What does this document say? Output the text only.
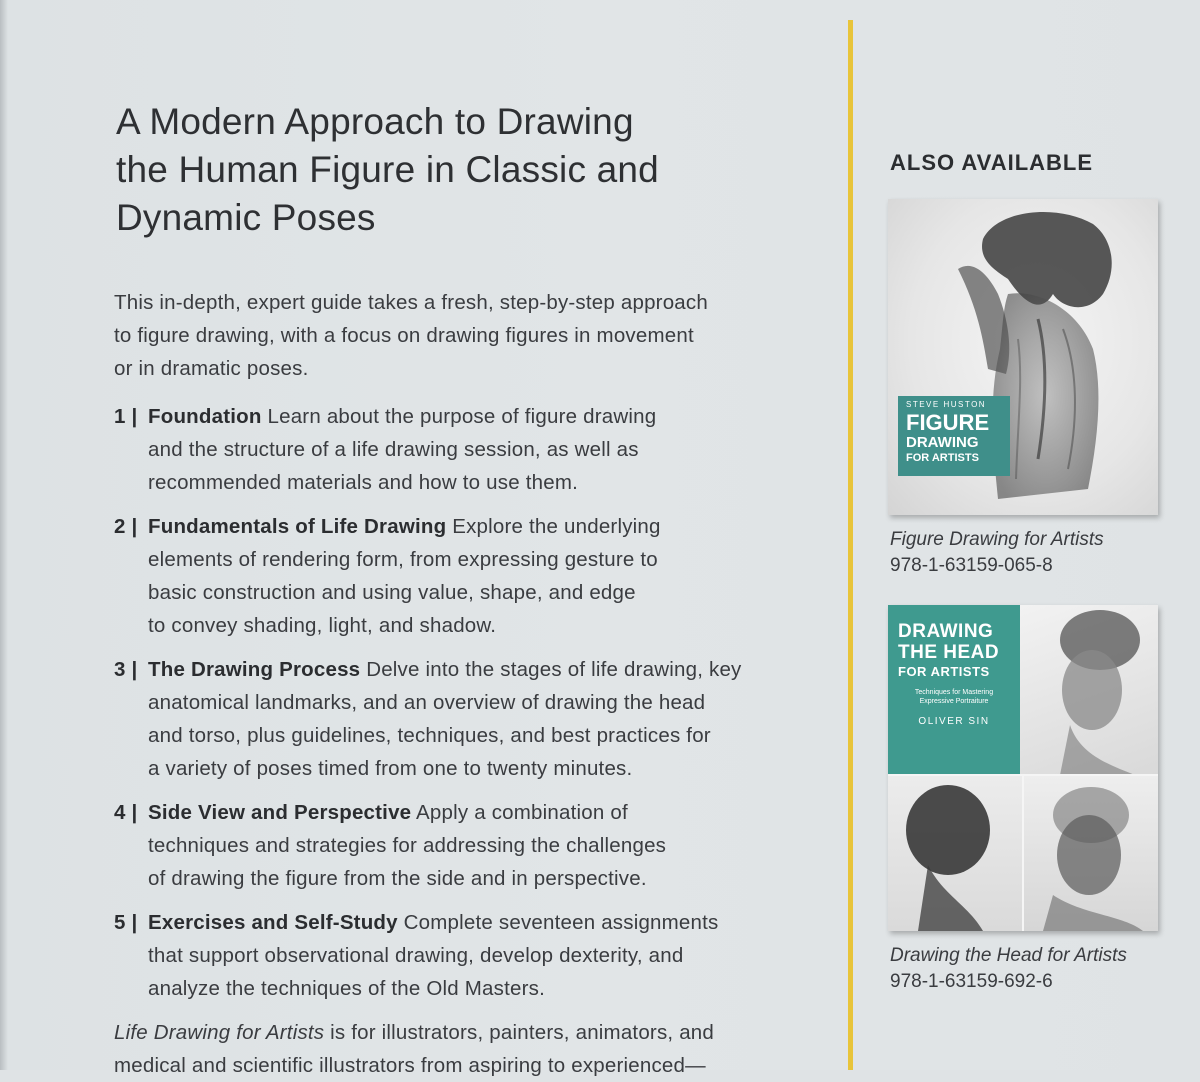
A Modern Approach to Drawing
the Human Figure in Classic and
Dynamic Poses

This in-depth, expert guide takes a fresh, step-by-step approach
to figure drawing, with a focus on drawing figures in movement
or in dramatic poses.

1 | Foundation Learn about the purpose of figure drawing
and the structure of a life drawing session, as well as
recommended materials and how to use them.
2 | Fundamentals of Life Drawing Explore the underlying
elements of rendering form, from expressing gesture to
basic construction and using value, shape, and edge
to convey shading, light, and shadow.
3 | The Drawing Process Delve into the stages of life drawing, key
anatomical landmarks, and an overview of drawing the head
and torso, plus guidelines, techniques, and best practices for
a variety of poses timed from one to twenty minutes.
4 | Side View and Perspective Apply a combination of
techniques and strategies for addressing the challenges
of drawing the figure from the side and in perspective.
5 | Exercises and Self-Study Complete seventeen assignments
that support observational drawing, develop dexterity, and
analyze the techniques of the Old Masters.

Life Drawing for Artists is for illustrators, painters, animators, and
medical and scientific illustrators from aspiring to experienced—

ALSO AVAILABLE
STEVE HUSTON
FIGURE
DRAWING
FOR ARTISTS
Figure Drawing for Artists
978-1-63159-065-8
DRAWING
THE HEAD
FOR ARTISTS
Techniques for Mastering
Expressive Portraiture
OLIVER SIN
Drawing the Head for Artists
978-1-63159-692-6
